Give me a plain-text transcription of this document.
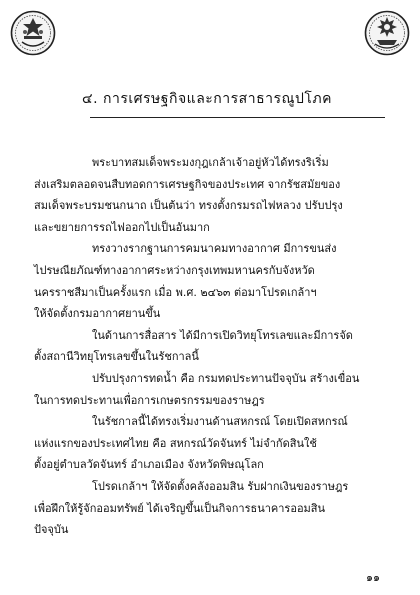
๔. การเศรษฐกิจและการสาธารณูปโภค

พระบาทสมเด็จพระมงกุฎเกล้าเจ้าอยู่หัวได้ทรงริเริ่ม
ส่งเสริมตลอดจนสืบทอดการเศรษฐกิจของประเทศ จากรัชสมัยของ
สมเด็จพระบรมชนกนาถ เป็นต้นว่า ทรงตั้งกรมรถไฟหลวง ปรับปรุง
และขยายการรถไฟออกไปเป็นอันมาก

ทรงวางรากฐานการคมนาคมทางอากาศ มีการขนส่ง
ไปรษณียภัณฑ์ทางอากาศระหว่างกรุงเทพมหานครกับจังหวัด
นครราชสีมาเป็นครั้งแรก เมื่อ พ.ศ. ๒๔๖๓ ต่อมาโปรดเกล้าฯ
ให้จัดตั้งกรมอากาศยานขึ้น

ในด้านการสื่อสาร ได้มีการเปิดวิทยุโทรเลขและมีการจัด
ตั้งสถานีวิทยุโทรเลขขึ้นในรัชกาลนี้

ปรับปรุงการทดน้ำ คือ กรมทดประทานปัจจุบัน สร้างเขื่อน
ในการทดประทานเพื่อการเกษตรกรรมของราษฎร

ในรัชกาลนี้ได้ทรงเริ่มงานด้านสหกรณ์ โดยเปิดสหกรณ์
แห่งแรกของประเทศไทย คือ สหกรณ์วัดจันทร์ ไม่จำกัดสินใช้
ตั้งอยู่ตำบลวัดจันทร์ อำเภอเมือง จังหวัดพิษณุโลก

โปรดเกล้าฯ ให้จัดตั้งคลังออมสิน รับฝากเงินของราษฎร
เพื่อฝึกให้รู้จักออมทรัพย์ ได้เจริญขึ้นเป็นกิจการธนาคารออมสิน
ปัจจุบัน

๑๑
